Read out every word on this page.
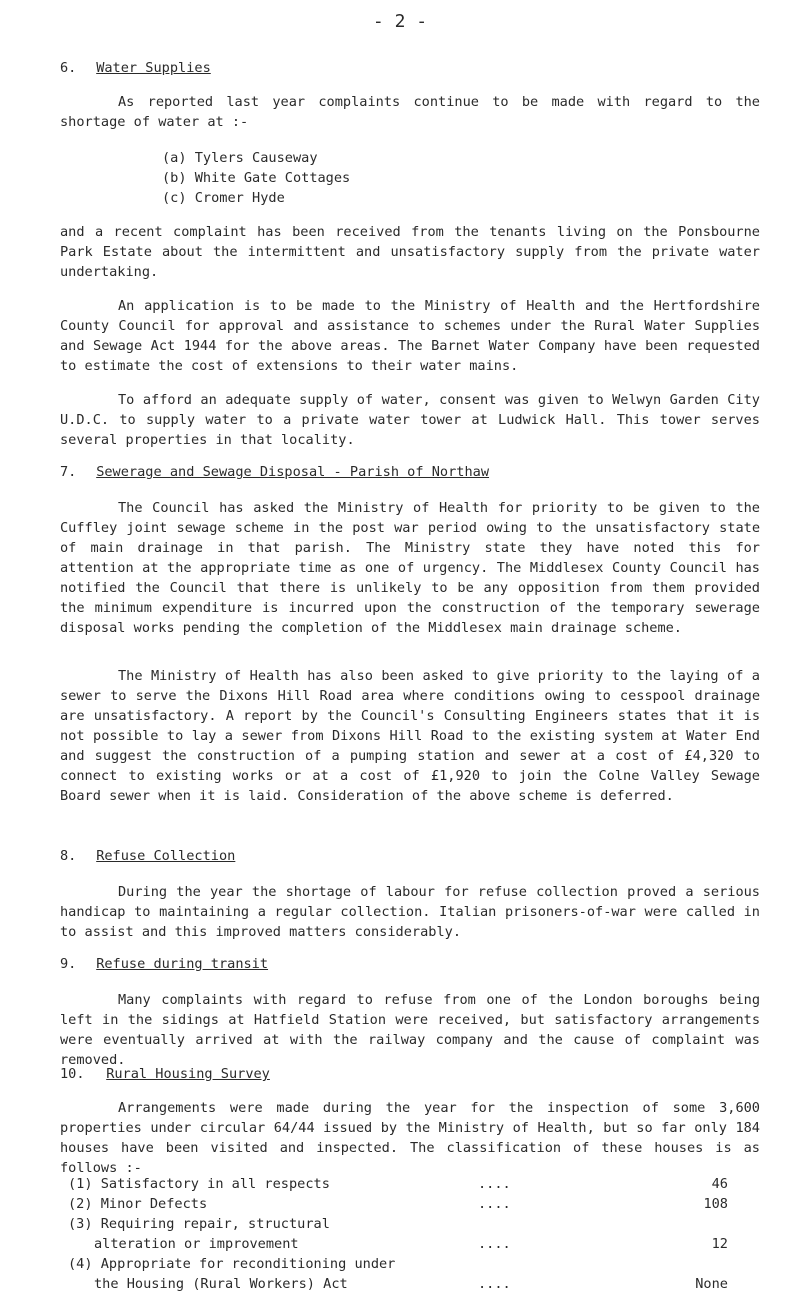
- 2 -
6. Water Supplies

As reported last year complaints continue to be made with regard to the shortage of water at :-

(a) Tylers Causeway
(b) White Gate Cottages
(c) Cromer Hyde

and a recent complaint has been received from the tenants living on the Ponsbourne Park Estate about the intermittent and unsatisfactory supply from the private water undertaking.

An application is to be made to the Ministry of Health and the Hertfordshire County Council for approval and assistance to schemes under the Rural Water Supplies and Sewage Act 1944 for the above areas. The Barnet Water Company have been requested to estimate the cost of extensions to their water mains.

To afford an adequate supply of water, consent was given to Welwyn Garden City U.D.C. to supply water to a private water tower at Ludwick Hall. This tower serves several properties in that locality.

7. Sewerage and Sewage Disposal - Parish of Northaw

The Council has asked the Ministry of Health for priority to be given to the Cuffley joint sewage scheme in the post war period owing to the unsatisfactory state of main drainage in that parish. The Ministry state they have noted this for attention at the appropriate time as one of urgency. The Middlesex County Council has notified the Council that there is unlikely to be any opposition from them provided the minimum expenditure is incurred upon the construction of the temporary sewerage disposal works pending the completion of the Middlesex main drainage scheme.

The Ministry of Health has also been asked to give priority to the laying of a sewer to serve the Dixons Hill Road area where conditions owing to cesspool drainage are unsatisfactory. A report by the Council's Consulting Engineers states that it is not possible to lay a sewer from Dixons Hill Road to the existing system at Water End and suggest the construction of a pumping station and sewer at a cost of £4,320 to connect to existing works or at a cost of £1,920 to join the Colne Valley Sewage Board sewer when it is laid. Consideration of the above scheme is deferred.

8. Refuse Collection

During the year the shortage of labour for refuse collection proved a serious handicap to maintaining a regular collection. Italian prisoners-of-war were called in to assist and this improved matters considerably.

9. Refuse during transit

Many complaints with regard to refuse from one of the London boroughs being left in the sidings at Hatfield Station were received, but satisfactory arrangements were eventually arrived at with the railway company and the cause of complaint was removed.

10. Rural Housing Survey

Arrangements were made during the year for the inspection of some 3,600 properties under circular 64/44 issued by the Ministry of Health, but so far only 184 houses have been visited and inspected. The classification of these houses is as follows :-

(1) Satisfactory in all respects	....	46
(2) Minor Defects	....	108
(3) Requiring repair, structural
alteration or improvement	....	12
(4) Appropriate for reconditioning under
the Housing (Rural Workers) Act	....	None
